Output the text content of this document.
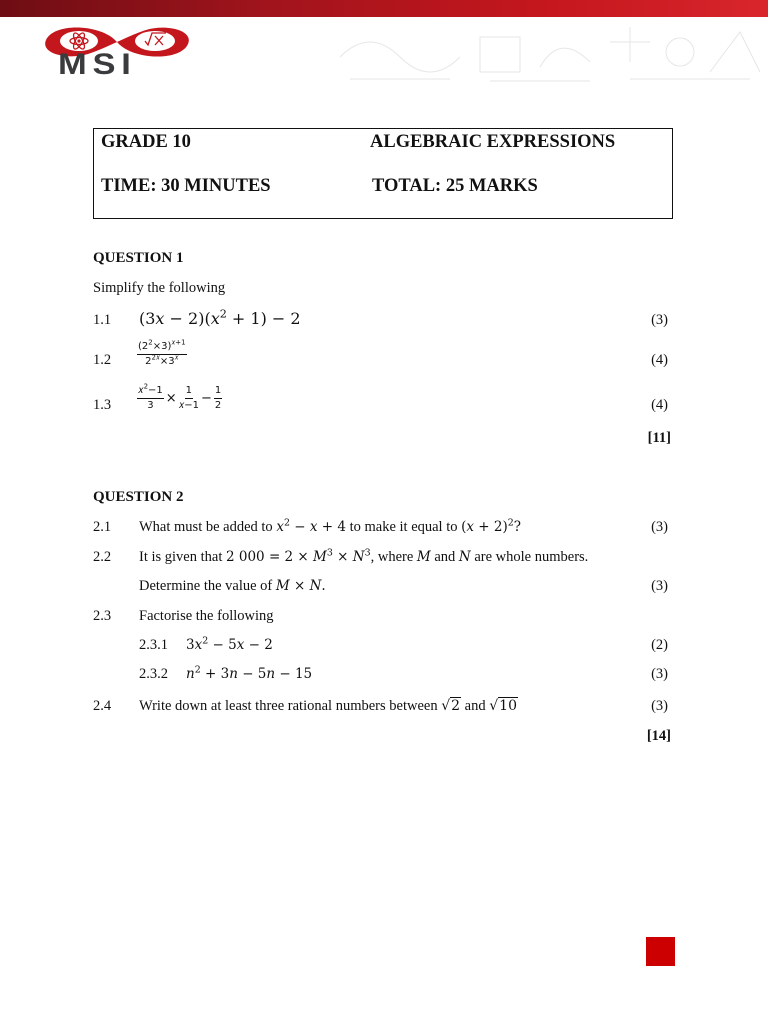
MSI
GRADE 10	ALGEBRAIC EXPRESSIONS
TIME: 30 MINUTES	TOTAL: 25 MARKS
QUESTION 1
Simplify the following
1.1 (3𝑥 − 2)(𝑥$^2$ + 1) − 2	(3)
1.2	$\frac{(2^2\times 3)^{𝑥+1}}{2^{2𝑥}\times 3^𝑥}$	(4)
1.3	$\frac{𝑥^2-1}{3} \times \frac{1}{\text{𝑥−1}} - \frac{1}{2}$	(4)
[11]
QUESTION 2
2.1 What must be added to 𝑥$^2$ − 𝑥 + 4 to make it equal to (𝑥 + 2)$^2$?	(3)
2.2 It is given that 2 000 = 2 × 𝑀$^3$ × 𝑁$^3$, where 𝑀 and 𝑁 are whole numbers.
Determine the value of 𝑀 × 𝑁.	(3)
2.3 Factorise the following
2.3.1 3𝑥$^2$ − 5𝑥 − 2	(2)
2.3.2 𝑛$^2$ + 3𝑛 − 5𝑛 − 15	(3)
2.4 Write down at least three rational numbers between √2 and √10	(3)
[14]
